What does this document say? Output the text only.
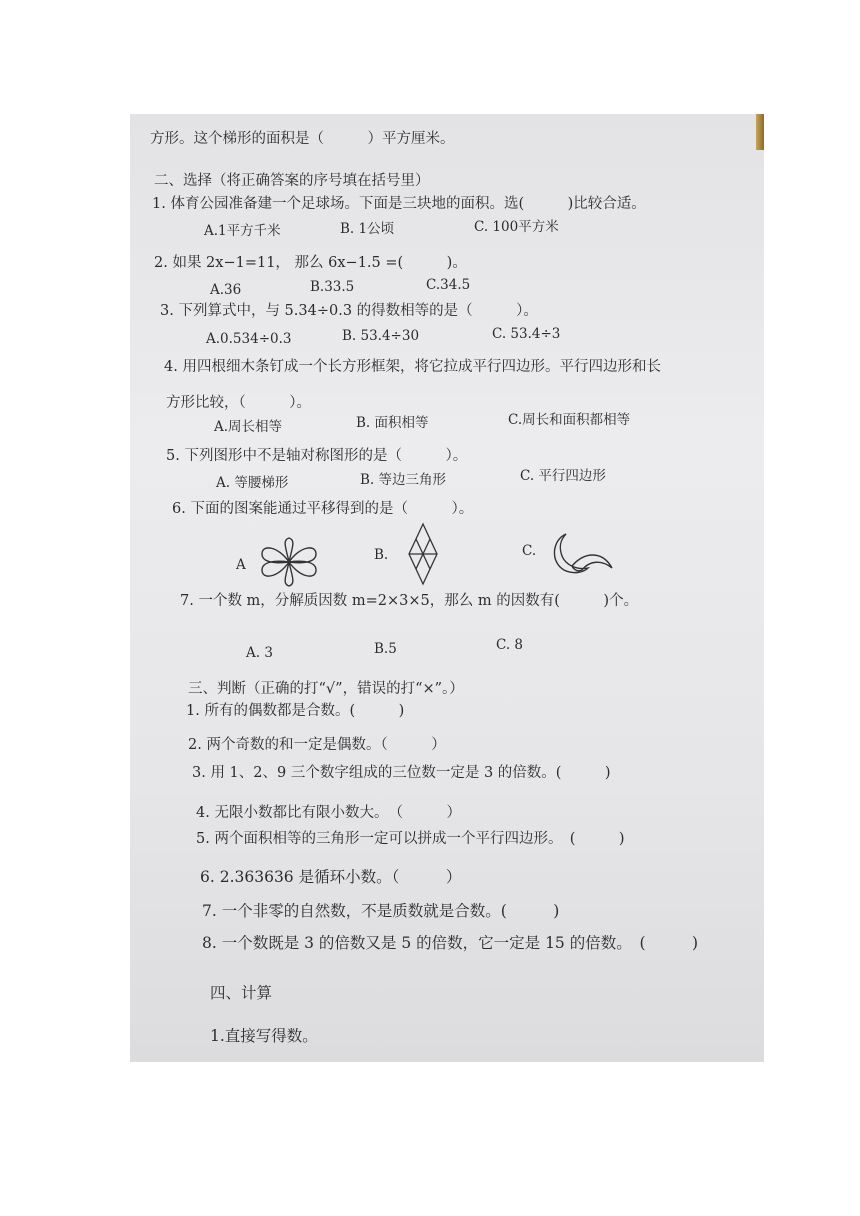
方形。这个梯形的面积是（　　　）平方厘米。
二、选择（将正确答案的序号填在括号里）
1. 体育公园准备建一个足球场。下面是三块地的面积。选(　　　)比较合适。
A.1平方千米	B. 1公顷	C. 100平方米
2. 如果 2x−1=11， 那么 6x−1.5 =(　　　)。
A.36	B.33.5	C.34.5
3. 下列算式中，与 5.34÷0.3 的得数相等的是（　　　）。
A.0.534÷0.3	B. 53.4÷30	C. 53.4÷3
4. 用四根细木条钉成一个长方形框架，将它拉成平行四边形。平行四边形和长
方形比较，（　　　）。
A.周长相等	B. 面积相等	C.周长和面积都相等
5. 下列图形中不是轴对称图形的是（　　　）。
A. 等腰梯形	B. 等边三角形	C. 平行四边形
6. 下面的图案能通过平移得到的是（　　　）。
A
B.	C.
7. 一个数 m，分解质因数 m=2×3×5，那么 m 的因数有(　　　)个。
A. 3	B.5	C. 8
三、判断（正确的打“√”，错误的打“×”。）
1. 所有的偶数都是合数。(　　　)
2. 两个奇数的和一定是偶数。（　　　）
3. 用 1、2、9 三个数字组成的三位数一定是 3 的倍数。(　　　)
4. 无限小数都比有限小数大。　（　　　）
5. 两个面积相等的三角形一定可以拼成一个平行四边形。　(　　　)
6. 2.363636 是循环小数。（　　　）
7. 一个非零的自然数，不是质数就是合数。(　　　)
8. 一个数既是 3 的倍数又是 5 的倍数，它一定是 15 的倍数。　(　　　)
四、计算
1.直接写得数。
